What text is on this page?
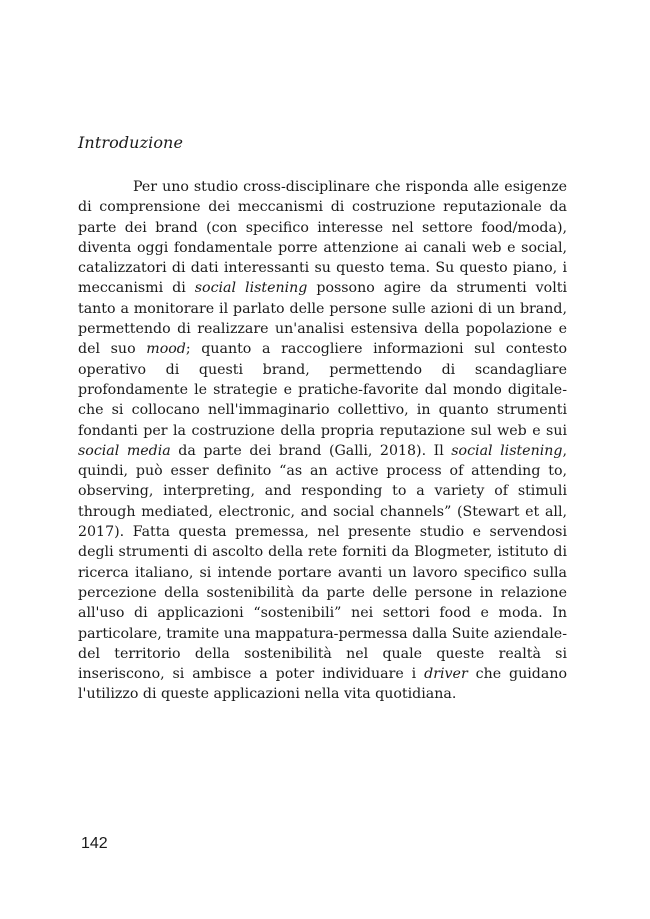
Introduzione

Per uno studio cross-disciplinare che risponda alle esigenze di comprensione dei meccanismi di costruzione reputazionale da parte dei brand (con specifico interesse nel settore food/moda), diventa oggi fondamentale porre attenzione ai canali web e social, catalizzatori di dati interessanti su questo tema. Su questo piano, i meccanismi di social listening possono agire da strumenti volti tanto a monitorare il parlato delle persone sulle azioni di un brand, permettendo di realizzare un'analisi estensiva della popolazione e del suo mood; quanto a raccogliere informazioni sul contesto operativo di questi brand, permettendo di scandagliare profondamente le strategie e pratiche-favorite dal mondo digitale-che si collocano nell'immaginario collettivo, in quanto strumenti fondanti per la costruzione della propria reputazione sul web e sui social media da parte dei brand (Galli, 2018). Il social listening, quindi, può esser definito “as an active process of attending to, observing, interpreting, and responding to a variety of stimuli through mediated, electronic, and social channels” (Stewart et all, 2017). Fatta questa premessa, nel presente studio e servendosi degli strumenti di ascolto della rete forniti da Blogmeter, istituto di ricerca italiano, si intende portare avanti un lavoro specifico sulla percezione della sostenibilità da parte delle persone in relazione all'uso di applicazioni “sostenibili” nei settori food e moda. In particolare, tramite una mappatura-permessa dalla Suite aziendale-del territorio della sostenibilità nel quale queste realtà si inseriscono, si ambisce a poter individuare i driver che guidano l'utilizzo di queste applicazioni nella vita quotidiana.

142
